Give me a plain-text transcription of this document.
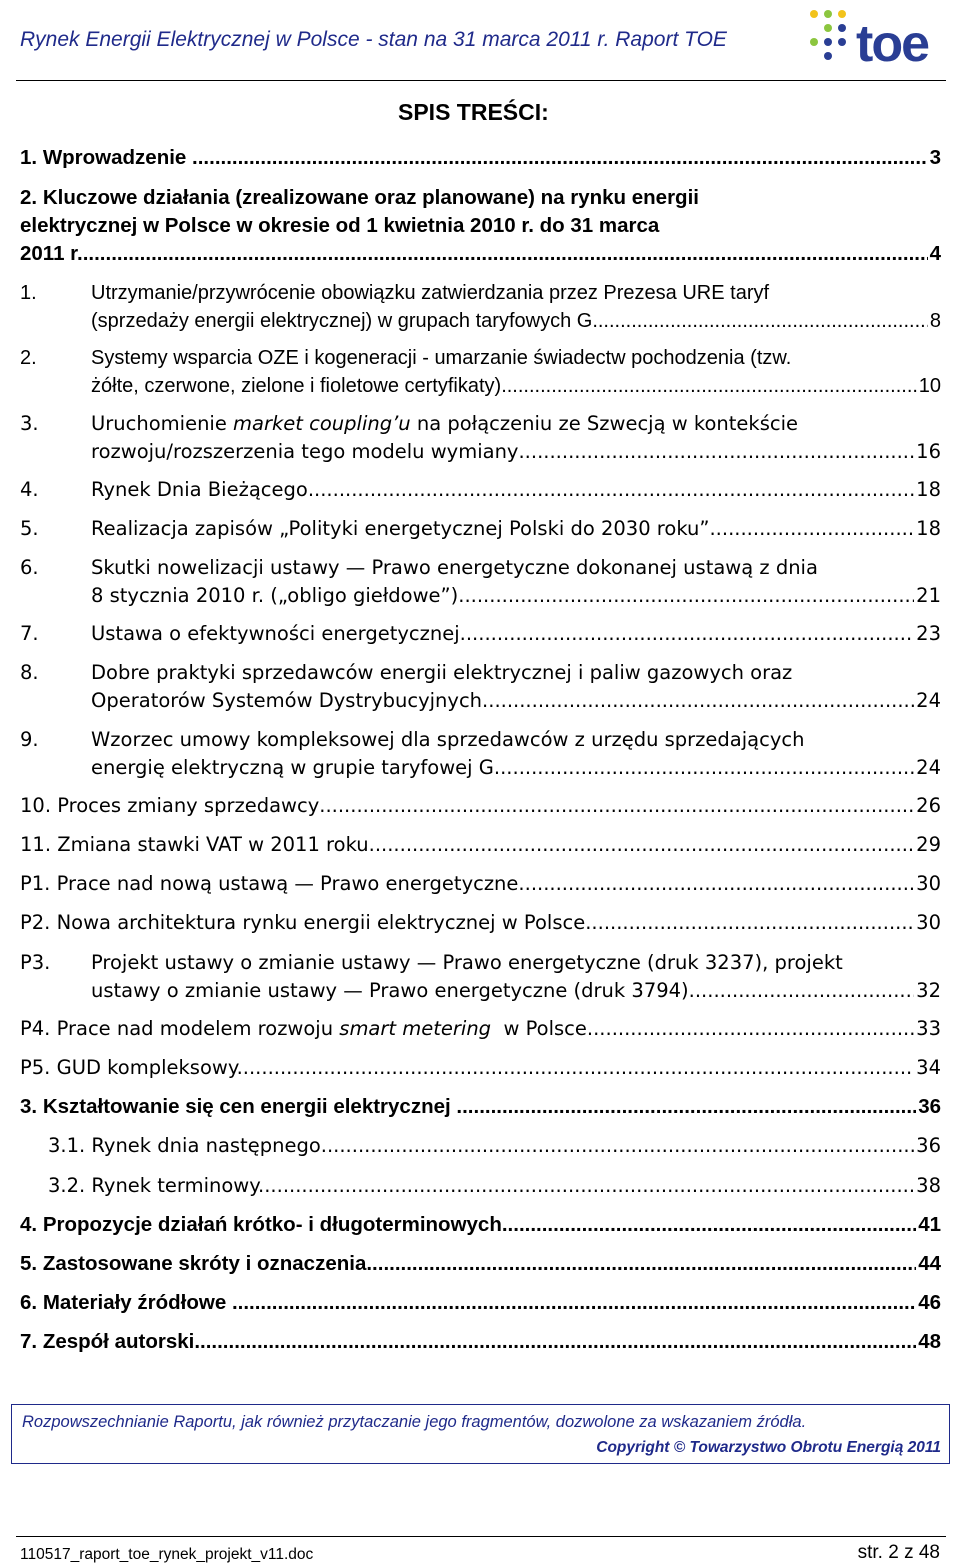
Rynek Energii Elektrycznej w Polsce - stan na 31 marca 2011 r. Raport TOE toe
SPIS TREŚCI:
1. Wprowadzenie .....	3
2. Kluczowe działania (zrealizowane oraz planowane) na rynku energii
elektrycznej w Polsce w okresie od 1 kwietnia 2010 r. do 31 marca
2011 r. .....	4
1.	Utrzymanie/przywrócenie obowiązku zatwierdzania przez Prezesa URE taryf
(sprzedaży energii elektrycznej) w grupach taryfowych G .....	8
2.	Systemy wsparcia OZE i kogeneracji - umarzanie świadectw pochodzenia (tzw.
żółte, czerwone, zielone i fioletowe certyfikaty) .....	10
3.	Uruchomienie market coupling’u na połączeniu ze Szwecją w kontekście
rozwoju/rozszerzenia tego modelu wymiany .....	16
4.	Rynek Dnia Bieżącego .....	18
5.	Realizacja zapisów „Polityki energetycznej Polski do 2030 roku” .....	18
6.	Skutki nowelizacji ustawy — Prawo energetyczne dokonanej ustawą z dnia
8 stycznia 2010 r. („obligo giełdowe”) .....	21
7.	Ustawa o efektywności energetycznej .....	23
8.	Dobre praktyki sprzedawców energii elektrycznej i paliw gazowych oraz
Operatorów Systemów Dystrybucyjnych .....	24
9.	Wzorzec umowy kompleksowej dla sprzedawców z urzędu sprzedających
energię elektryczną w grupie taryfowej G. .....	24
10. Proces zmiany sprzedawcy .....	26
11. Zmiana stawki VAT w 2011 roku .....	29
P1. Prace nad nową ustawą — Prawo energetyczne .....	30
P2. Nowa architektura rynku energii elektrycznej w Polsce. .....	30
P3. Projekt ustawy o zmianie ustawy — Prawo energetyczne (druk 3237), projekt
ustawy o zmianie ustawy — Prawo energetyczne (druk 3794). .....	32
P4. Prace nad modelem rozwoju smart metering  w Polsce .....	33
P5. GUD kompleksowy. .....	34
3. Kształtowanie się cen energii elektrycznej .....	36
3.1. Rynek dnia następnego .....	36
3.2. Rynek terminowy. .....	38
4. Propozycje działań krótko- i długoterminowych .....	41
5. Zastosowane skróty i oznaczenia .....	44
6. Materiały źródłowe .....	46
7. Zespół autorski .....	48
Rozpowszechnianie Raportu, jak również przytaczanie jego fragmentów, dozwolone za wskazaniem źródła.
Copyright © Towarzystwo Obrotu Energią 2011
110517_raport_toe_rynek_projekt_v11.doc	str. 2 z 48
